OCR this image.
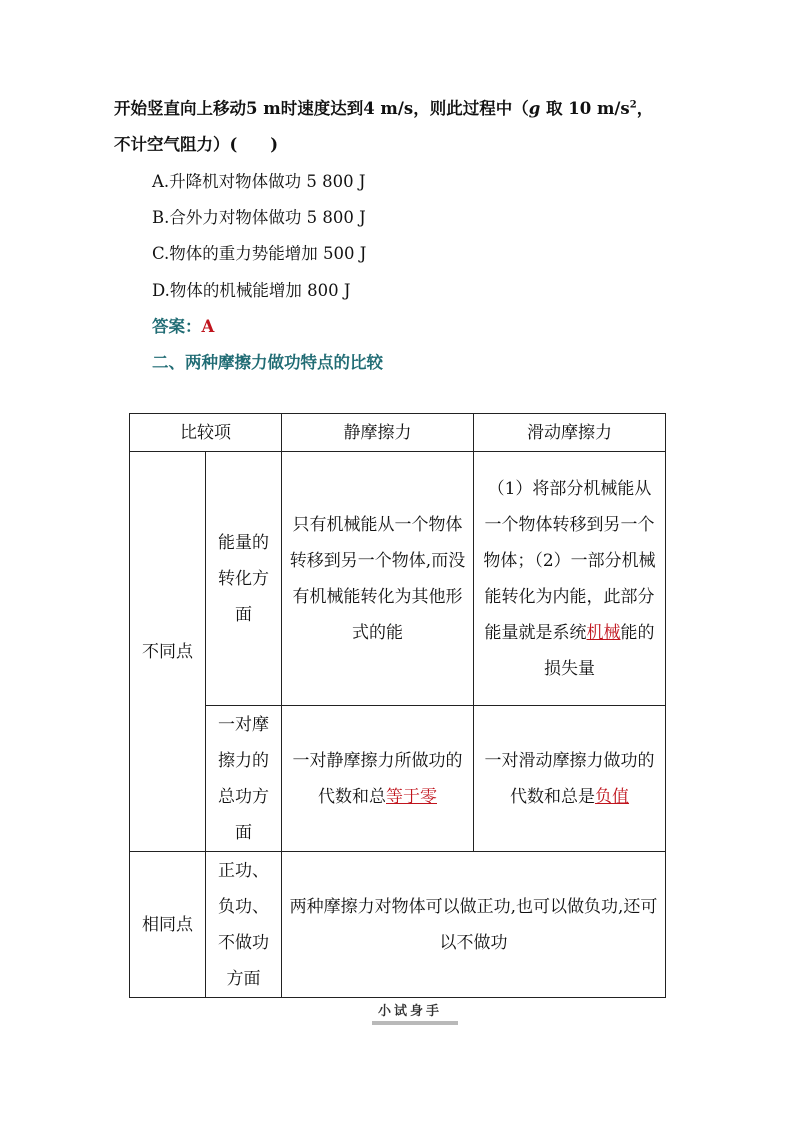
开始竖直向上移动5 m时速度达到4 m/s，则此过程中（g 取 10 $m/s^2$，
不计空气阻力）(　　)
A.升降机对物体做功 5 800 J
B.合外力对物体做功 5 800 J
C.物体的重力势能增加 500 J
D.物体的机械能增加 800 J
答案：A
二、两种摩擦力做功特点的比较
比较项		静摩擦力	滑动摩擦力
不同点	能量的转化方面	只有机械能从一个物体转移到另一个物体,而没有机械能转化为其他形式的能	（1）将部分机械能从一个物体转移到另一个物体；（2）一部分机械能转化为内能，此部分能量就是系统机械能的损失量
	一对摩擦力的总功方面	一对静摩擦力所做功的代数和总等于零	一对滑动摩擦力做功的代数和总是负值
相同点	正功、负功、不做功方面	两种摩擦力对物体可以做正功,也可以做负功,还可以不做功	
小试身手
